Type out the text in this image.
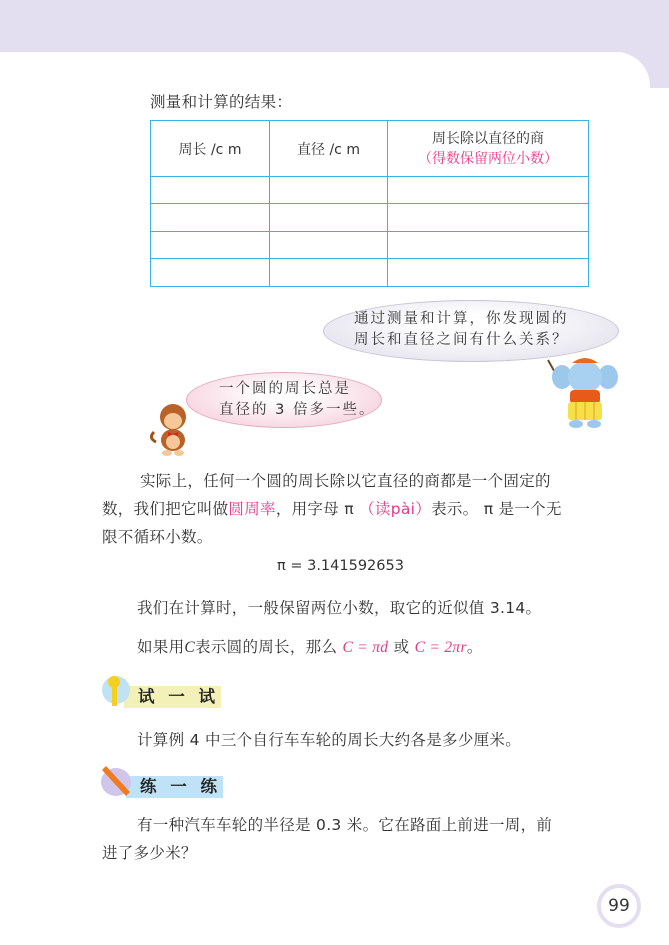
测量和计算的结果：
周长 /c m	直径 /c m	周长除以直径的商
（得数保留两位小数）

通过测量和计算，你发现圆的
周长和直径之间有什么关系？
一个圆的周长总是
直径的 3 倍多一些。
实际上，任何一个圆的周长除以它直径的商都是一个固定的
数，我们把它叫做圆周率，用字母 π （读pài）表示。 π 是一个无
限不循环小数。
π = 3.141592653
我们在计算时，一般保留两位小数，取它的近似值 3.14。
如果用C表示圆的周长，那么 C = πd 或 C = 2πr。
试 一 试
计算例 4 中三个自行车车轮的周长大约各是多少厘米。
练 一 练
有一种汽车车轮的半径是 0.3 米。它在路面上前进一周，前
进了多少米？
99
